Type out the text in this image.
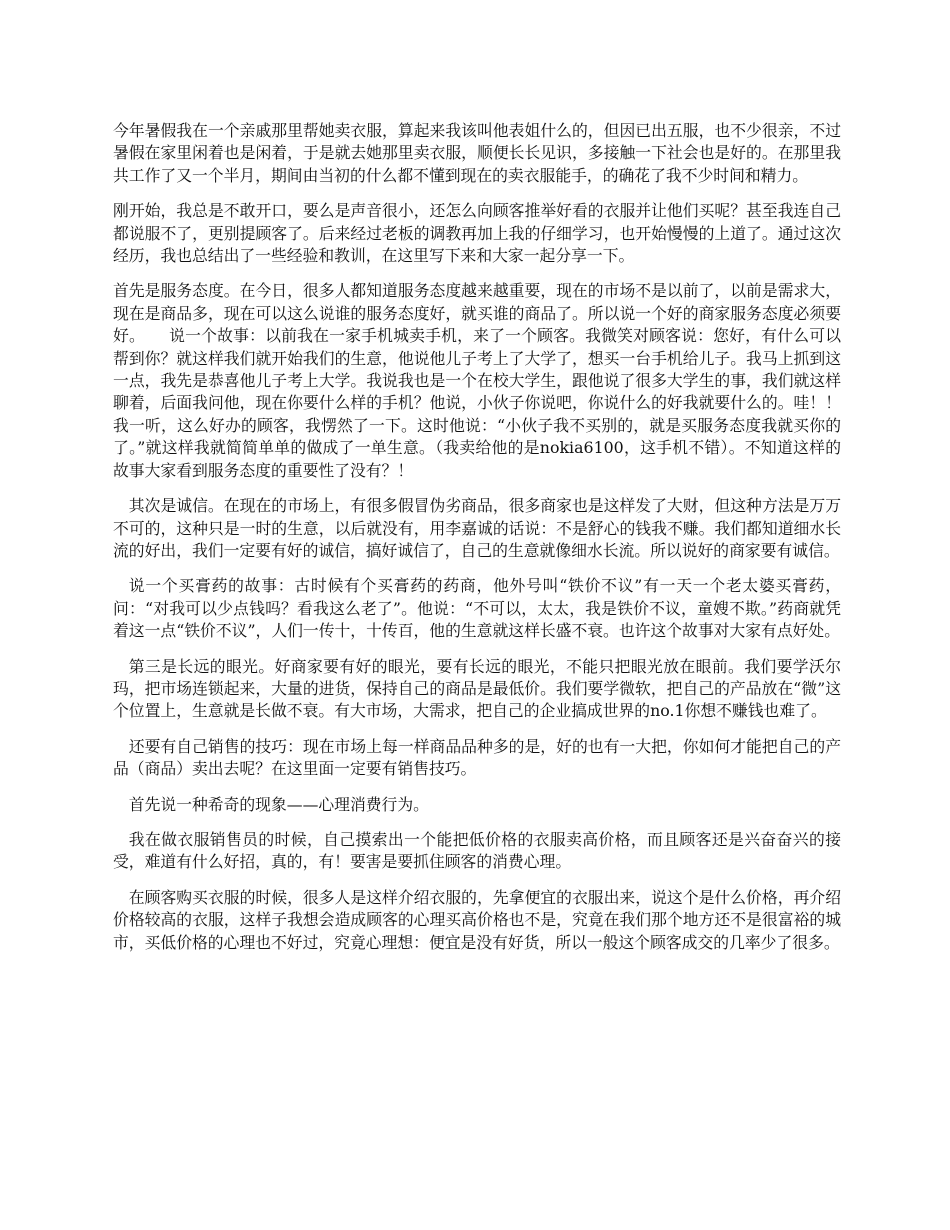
今年暑假我在一个亲戚那里帮她卖衣服，算起来我该叫他表姐什么的，但因已出五服，也不少很亲，不过暑假在家里闲着也是闲着，于是就去她那里卖衣服，顺便长长见识，多接触一下社会也是好的。在那里我共工作了又一个半月，期间由当初的什么都不懂到现在的卖衣服能手，的确花了我不少时间和精力。

刚开始，我总是不敢开口，要么是声音很小，还怎么向顾客推举好看的衣服并让他们买呢？甚至我连自己都说服不了，更别提顾客了。后来经过老板的调教再加上我的仔细学习，也开始慢慢的上道了。通过这次经历，我也总结出了一些经验和教训，在这里写下来和大家一起分享一下。

首先是服务态度。在今日，很多人都知道服务态度越来越重要，现在的市场不是以前了，以前是需求大，现在是商品多，现在可以这么说谁的服务态度好，就买谁的商品了。所以说一个好的商家服务态度必须要好。　　说一个故事：以前我在一家手机城卖手机，来了一个顾客。我微笑对顾客说：您好，有什么可以帮到你？就这样我们就开始我们的生意，他说他儿子考上了大学了，想买一台手机给儿子。我马上抓到这一点，我先是恭喜他儿子考上大学。我说我也是一个在校大学生，跟他说了很多大学生的事，我们就这样聊着，后面我问他，现在你要什么样的手机？他说，小伙子你说吧，你说什么的好我就要什么的。哇！！我一听，这么好办的顾客，我愣然了一下。这时他说：“小伙子我不买别的，就是买服务态度我就买你的了。”就这样我就简简单单的做成了一单生意。（我卖给他的是nokia6100，这手机不错）。不知道这样的故事大家看到服务态度的重要性了没有？！

其次是诚信。在现在的市场上，有很多假冒伪劣商品，很多商家也是这样发了大财，但这种方法是万万不可的，这种只是一时的生意，以后就没有，用李嘉诚的话说：不是舒心的钱我不赚。我们都知道细水长流的好出，我们一定要有好的诚信，搞好诚信了，自己的生意就像细水长流。所以说好的商家要有诚信。

说一个买膏药的故事：古时候有个买膏药的药商，他外号叫“铁价不议”有一天一个老太婆买膏药，问：“对我可以少点钱吗？看我这么老了”。他说：“不可以，太太，我是铁价不议，童嫂不欺。”药商就凭着这一点“铁价不议”，人们一传十，十传百，他的生意就这样长盛不衰。也许这个故事对大家有点好处。

第三是长远的眼光。好商家要有好的眼光，要有长远的眼光，不能只把眼光放在眼前。我们要学沃尔玛，把市场连锁起来，大量的进货，保持自己的商品是最低价。我们要学微软，把自己的产品放在“微”这个位置上，生意就是长做不衰。有大市场，大需求，把自己的企业搞成世界的no.1你想不赚钱也难了。

还要有自己销售的技巧：现在市场上每一样商品品种多的是，好的也有一大把，你如何才能把自己的产品（商品）卖出去呢？在这里面一定要有销售技巧。

首先说一种希奇的现象——心理消费行为。

我在做衣服销售员的时候，自己摸索出一个能把低价格的衣服卖高价格，而且顾客还是兴奋奋兴的接受，难道有什么好招，真的，有！要害是要抓住顾客的消费心理。

在顾客购买衣服的时候，很多人是这样介绍衣服的，先拿便宜的衣服出来，说这个是什么价格，再介绍价格较高的衣服，这样子我想会造成顾客的心理买高价格也不是，究竟在我们那个地方还不是很富裕的城市，买低价格的心理也不好过，究竟心理想：便宜是没有好货，所以一般这个顾客成交的几率少了很多。
